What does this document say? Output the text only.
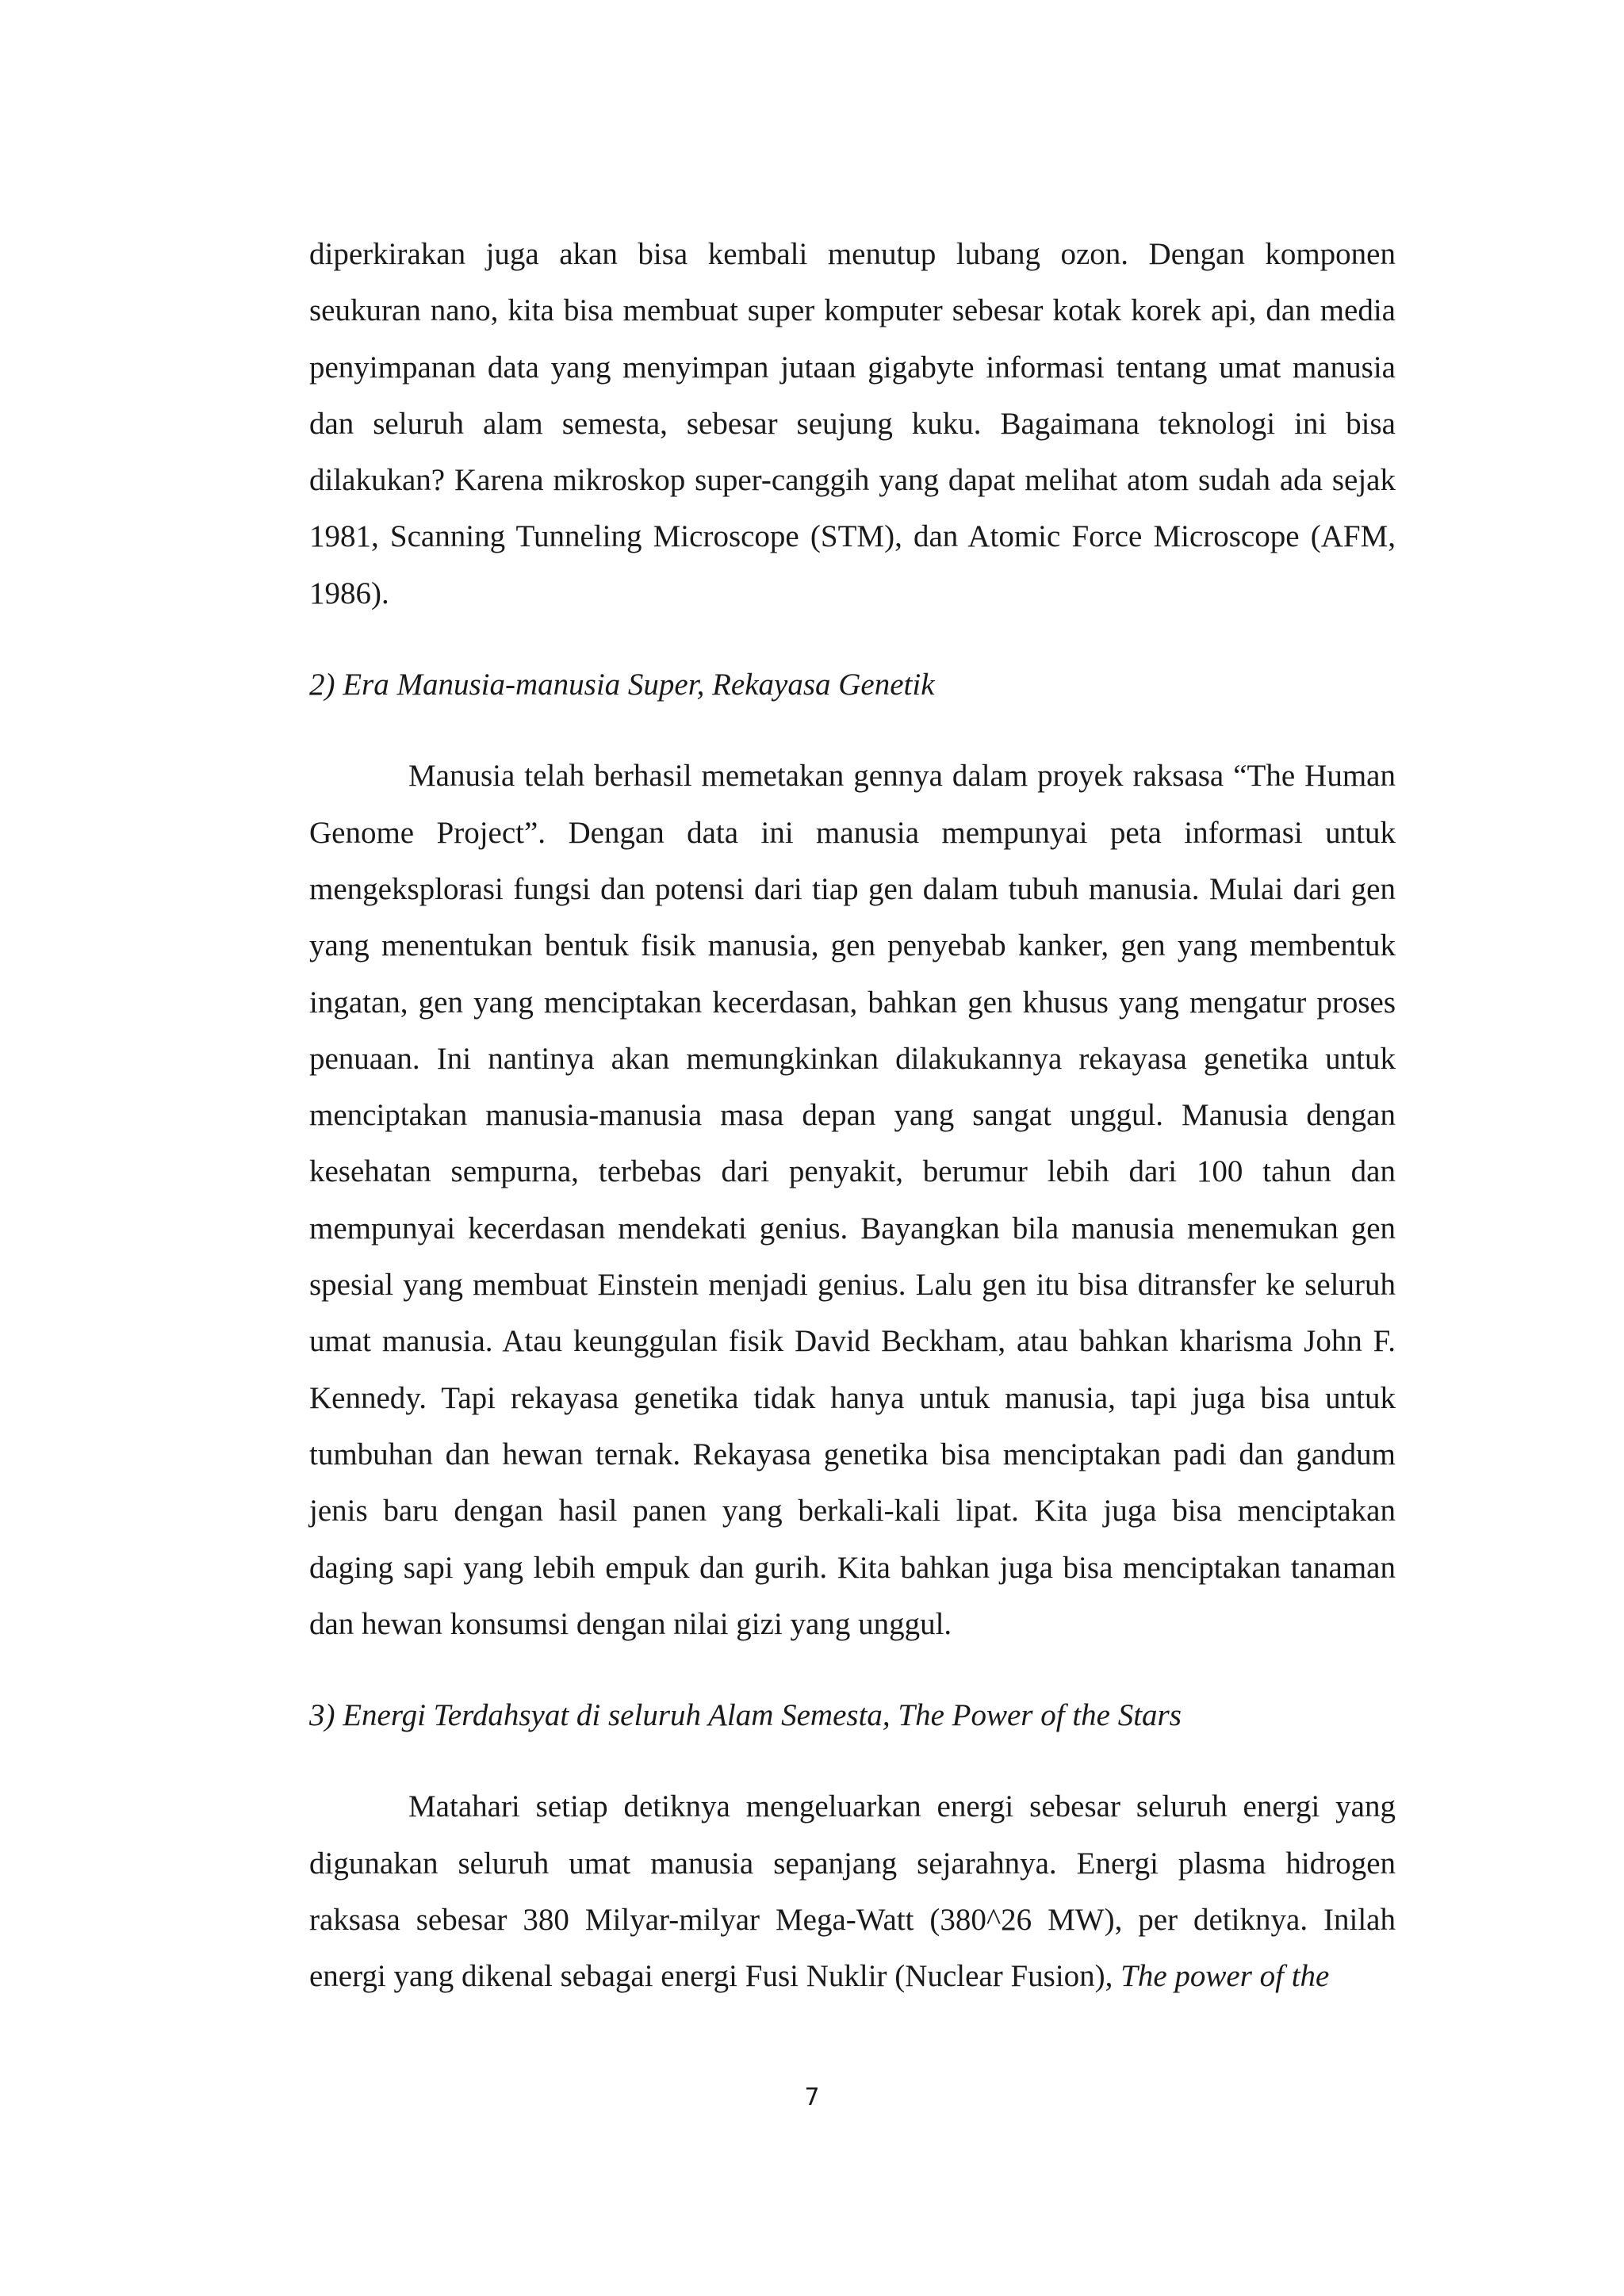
diperkirakan juga akan bisa kembali menutup lubang ozon. Dengan komponen seukuran nano, kita bisa membuat super komputer sebesar kotak korek api, dan media penyimpanan data yang menyimpan jutaan gigabyte informasi tentang umat manusia dan seluruh alam semesta, sebesar seujung kuku. Bagaimana teknologi ini bisa dilakukan? Karena mikroskop super-canggih yang dapat melihat atom sudah ada sejak 1981, Scanning Tunneling Microscope (STM), dan Atomic Force Microscope (AFM, 1986).

2) Era Manusia-manusia Super, Rekayasa Genetik

Manusia telah berhasil memetakan gennya dalam proyek raksasa “The Human Genome Project”. Dengan data ini manusia mempunyai peta informasi untuk mengeksplorasi fungsi dan potensi dari tiap gen dalam tubuh manusia. Mulai dari gen yang menentukan bentuk fisik manusia, gen penyebab kanker, gen yang membentuk ingatan, gen yang menciptakan kecerdasan, bahkan gen khusus yang mengatur proses penuaan. Ini nantinya akan memungkinkan dilakukannya rekayasa genetika untuk menciptakan manusia-manusia masa depan yang sangat unggul. Manusia dengan kesehatan sempurna, terbebas dari penyakit, berumur lebih dari 100 tahun dan mempunyai kecerdasan mendekati genius. Bayangkan bila manusia menemukan gen spesial yang membuat Einstein menjadi genius. Lalu gen itu bisa ditransfer ke seluruh umat manusia. Atau keunggulan fisik David Beckham, atau bahkan kharisma John F. Kennedy. Tapi rekayasa genetika tidak hanya untuk manusia, tapi juga bisa untuk tumbuhan dan hewan ternak. Rekayasa genetika bisa menciptakan padi dan gandum jenis baru dengan hasil panen yang berkali-kali lipat. Kita juga bisa menciptakan daging sapi yang lebih empuk dan gurih. Kita bahkan juga bisa menciptakan tanaman dan hewan konsumsi dengan nilai gizi yang unggul.

3) Energi Terdahsyat di seluruh Alam Semesta, The Power of the Stars

Matahari setiap detiknya mengeluarkan energi sebesar seluruh energi yang digunakan seluruh umat manusia sepanjang sejarahnya. Energi plasma hidrogen raksasa sebesar 380 Milyar-milyar Mega-Watt (380^26 MW), per detiknya. Inilah energi yang dikenal sebagai energi Fusi Nuklir (Nuclear Fusion), The power of the

7
